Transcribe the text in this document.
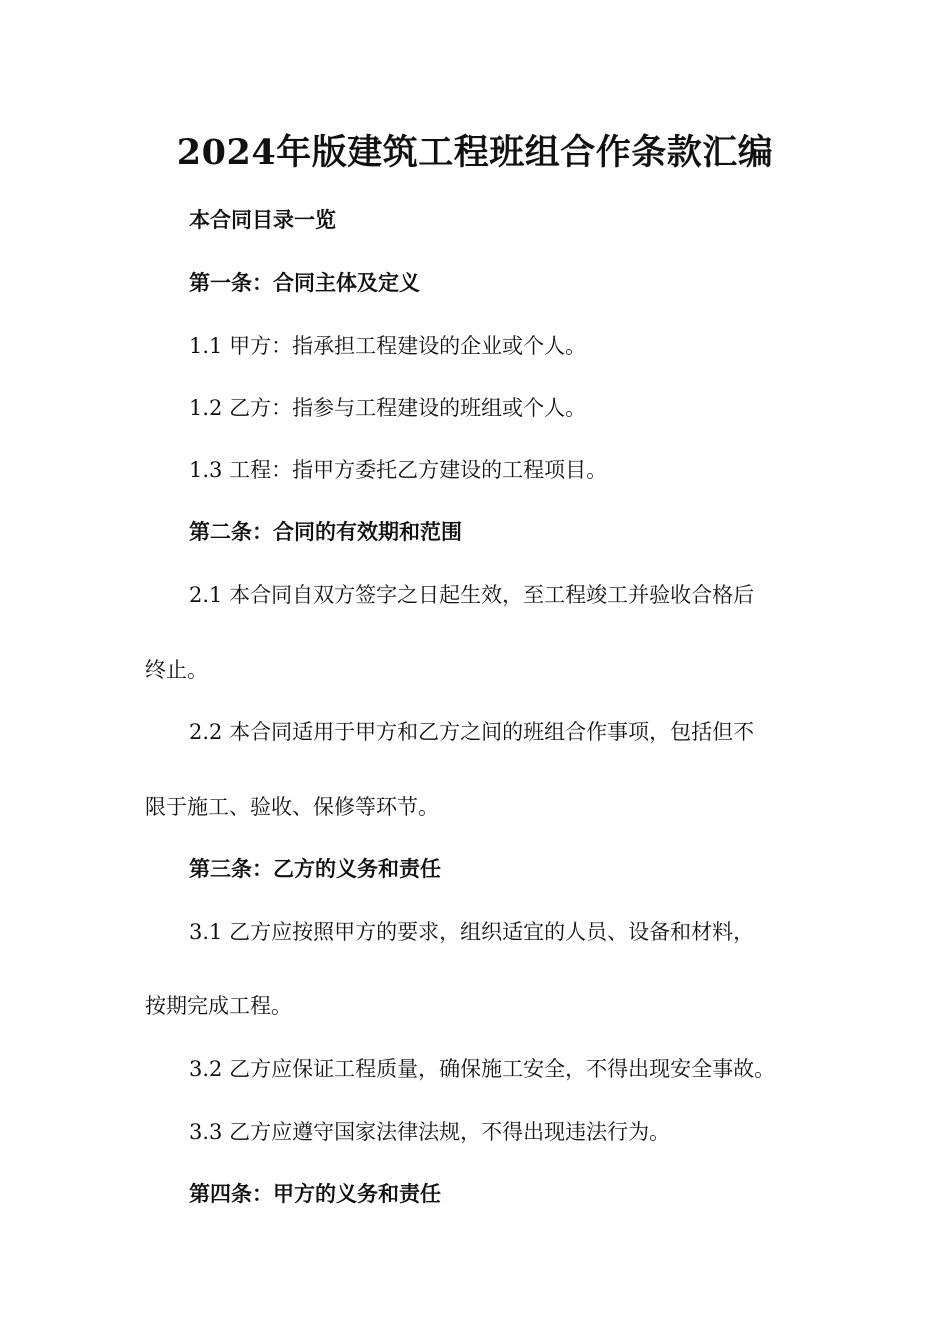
2024年版建筑工程班组合作条款汇编
本合同目录一览
第一条：合同主体及定义
1.1 甲方：指承担工程建设的企业或个人。
1.2 乙方：指参与工程建设的班组或个人。
1.3 工程：指甲方委托乙方建设的工程项目。
第二条：合同的有效期和范围
2.1 本合同自双方签字之日起生效，至工程竣工并验收合格后
终止。
2.2 本合同适用于甲方和乙方之间的班组合作事项，包括但不
限于施工、验收、保修等环节。
第三条：乙方的义务和责任
3.1 乙方应按照甲方的要求，组织适宜的人员、设备和材料，
按期完成工程。
3.2 乙方应保证工程质量，确保施工安全，不得出现安全事故。
3.3 乙方应遵守国家法律法规，不得出现违法行为。
第四条：甲方的义务和责任
